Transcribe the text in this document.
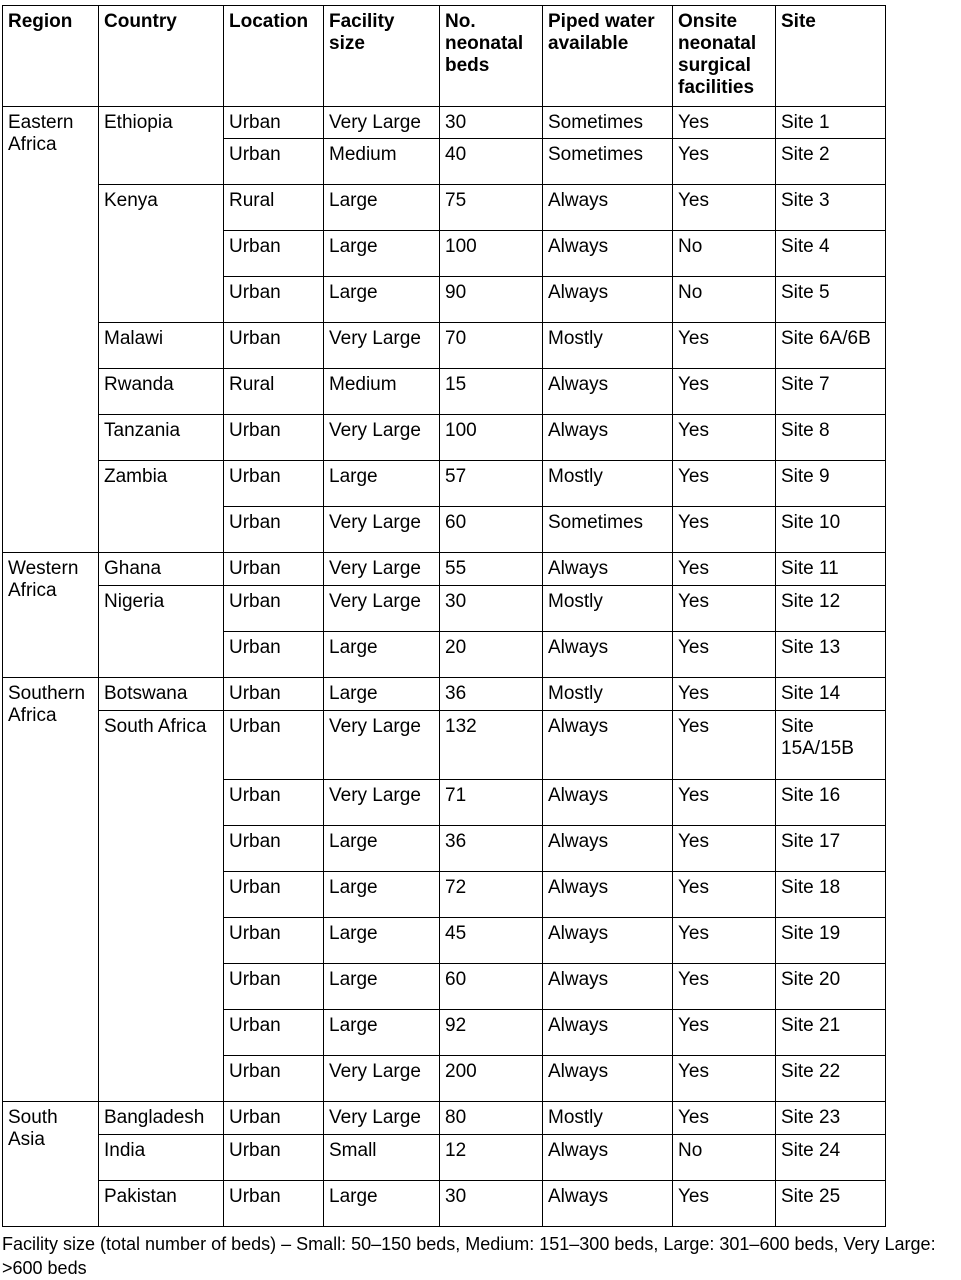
Region	Country	Location	Facility size	No. neonatal beds	Piped water available	Onsite neonatal surgical facilities	Site
Eastern Africa	Ethiopia	Urban	Very Large	30	Sometimes	Yes	Site 1
		Urban	Medium	40	Sometimes	Yes	Site 2
	Kenya	Rural	Large	75	Always	Yes	Site 3
		Urban	Large	100	Always	No	Site 4
		Urban	Large	90	Always	No	Site 5
	Malawi	Urban	Very Large	70	Mostly	Yes	Site 6A/6B
	Rwanda	Rural	Medium	15	Always	Yes	Site 7
	Tanzania	Urban	Very Large	100	Always	Yes	Site 8
	Zambia	Urban	Large	57	Mostly	Yes	Site 9
		Urban	Very Large	60	Sometimes	Yes	Site 10
Western Africa	Ghana	Urban	Very Large	55	Always	Yes	Site 11
	Nigeria	Urban	Very Large	30	Mostly	Yes	Site 12
		Urban	Large	20	Always	Yes	Site 13
Southern Africa	Botswana	Urban	Large	36	Mostly	Yes	Site 14
	South Africa	Urban	Very Large	132	Always	Yes	Site 15A/15B
		Urban	Very Large	71	Always	Yes	Site 16
		Urban	Large	36	Always	Yes	Site 17
		Urban	Large	72	Always	Yes	Site 18
		Urban	Large	45	Always	Yes	Site 19
		Urban	Large	60	Always	Yes	Site 20
		Urban	Large	92	Always	Yes	Site 21
		Urban	Very Large	200	Always	Yes	Site 22
South Asia	Bangladesh	Urban	Very Large	80	Mostly	Yes	Site 23
	India	Urban	Small	12	Always	No	Site 24
	Pakistan	Urban	Large	30	Always	Yes	Site 25
Facility size (total number of beds) – Small: 50–150 beds, Medium: 151–300 beds, Large: 301–600 beds, Very Large: >600 beds
